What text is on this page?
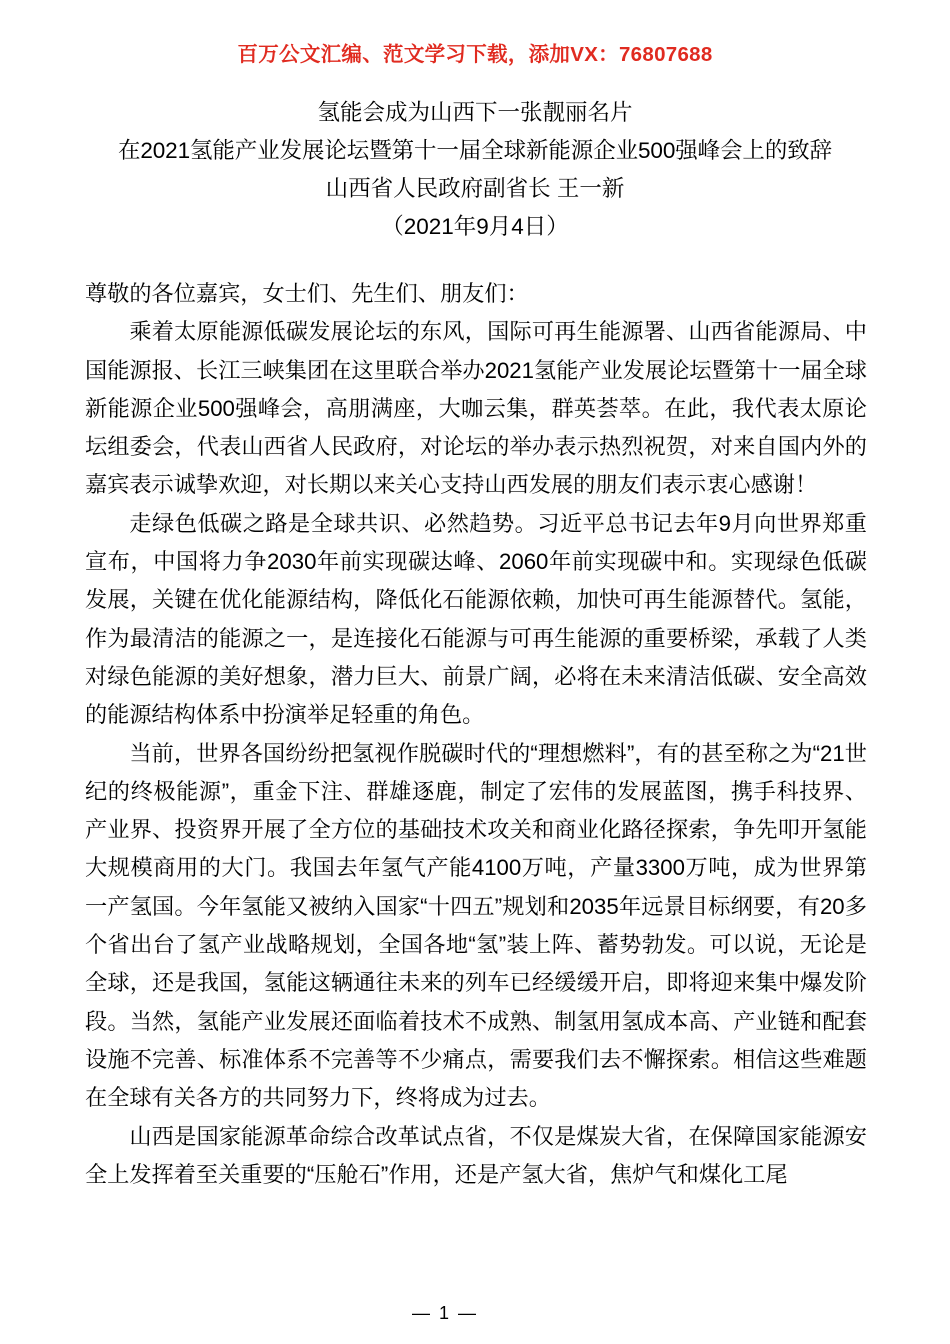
百万公文汇编、范文学习下载，添加VX：76807688
氢能会成为山西下一张靓丽名片
在2021氢能产业发展论坛暨第十一届全球新能源企业500强峰会上的致辞
山西省人民政府副省长 王一新
（2021年9月4日）

尊敬的各位嘉宾，女士们、先生们、朋友们：

乘着太原能源低碳发展论坛的东风，国际可再生能源署、山西省能源局、中国能源报、长江三峡集团在这里联合举办2021氢能产业发展论坛暨第十一届全球新能源企业500强峰会，高朋满座，大咖云集，群英荟萃。在此，我代表太原论坛组委会，代表山西省人民政府，对论坛的举办表示热烈祝贺，对来自国内外的嘉宾表示诚挚欢迎，对长期以来关心支持山西发展的朋友们表示衷心感谢！

走绿色低碳之路是全球共识、必然趋势。习近平总书记去年9月向世界郑重宣布，中国将力争2030年前实现碳达峰、2060年前实现碳中和。实现绿色低碳发展，关键在优化能源结构，降低化石能源依赖，加快可再生能源替代。氢能，作为最清洁的能源之一，是连接化石能源与可再生能源的重要桥梁，承载了人类对绿色能源的美好想象，潜力巨大、前景广阔，必将在未来清洁低碳、安全高效的能源结构体系中扮演举足轻重的角色。

当前，世界各国纷纷把氢视作脱碳时代的“理想燃料”，有的甚至称之为“21世纪的终极能源”，重金下注、群雄逐鹿，制定了宏伟的发展蓝图，携手科技界、产业界、投资界开展了全方位的基础技术攻关和商业化路径探索，争先叩开氢能大规模商用的大门。我国去年氢气产能4100万吨，产量3300万吨，成为世界第一产氢国。今年氢能又被纳入国家“十四五”规划和2035年远景目标纲要，有20多个省出台了氢产业战略规划，全国各地“氢”装上阵、蓄势勃发。可以说，无论是全球，还是我国，氢能这辆通往未来的列车已经缓缓开启，即将迎来集中爆发阶段。当然，氢能产业发展还面临着技术不成熟、制氢用氢成本高、产业链和配套设施不完善、标准体系不完善等不少痛点，需要我们去不懈探索。相信这些难题在全球有关各方的共同努力下，终将成为过去。

山西是国家能源革命综合改革试点省，不仅是煤炭大省，在保障国家能源安全上发挥着至关重要的“压舱石”作用，还是产氢大省，焦炉气和煤化工尾

— 1 —
